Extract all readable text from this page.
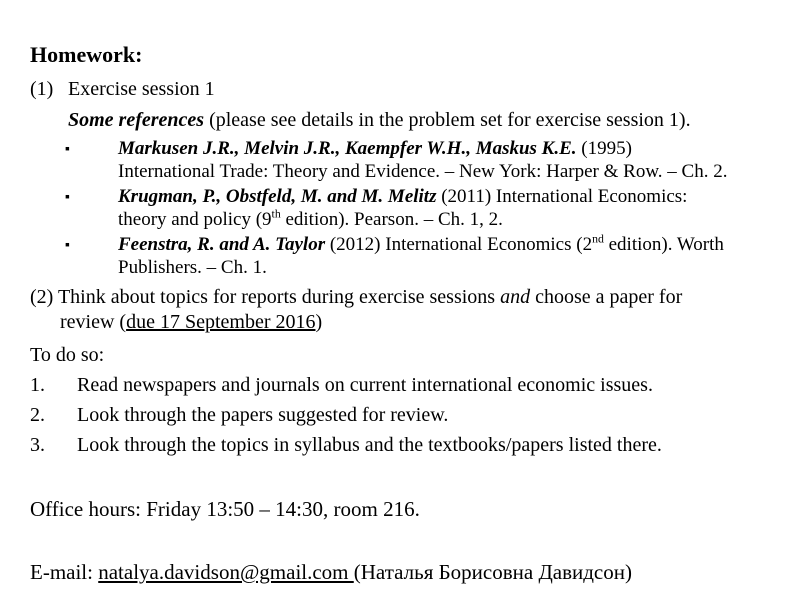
Homework:
(1) Exercise session 1

Some references (please see details in the problem set for exercise session 1).

▪	Markusen J.R., Melvin J.R., Kaempfer W.H., Maskus K.E. (1995)
International Trade: Theory and Evidence. – New York: Harper & Row. – Ch. 2.
▪	Krugman, P., Obstfeld, M. and M. Melitz (2011) International Economics:
theory and policy (9th edition). Pearson. – Ch. 1, 2.
▪	Feenstra, R. and A. Taylor (2012) International Economics (2nd edition). Worth
Publishers. – Ch. 1.
(2) Think about topics for reports during exercise sessions and choose a paper for
review (due 17 September 2016)
To do so:
1. Read newspapers and journals on current international economic issues.
2. Look through the papers suggested for review.
3. Look through the topics in syllabus and the textbooks/papers listed there.
Office hours: Friday 13:50 – 14:30, room 216.
E-mail: natalya.davidson@gmail.com (Наталья Борисовна Давидсон)
